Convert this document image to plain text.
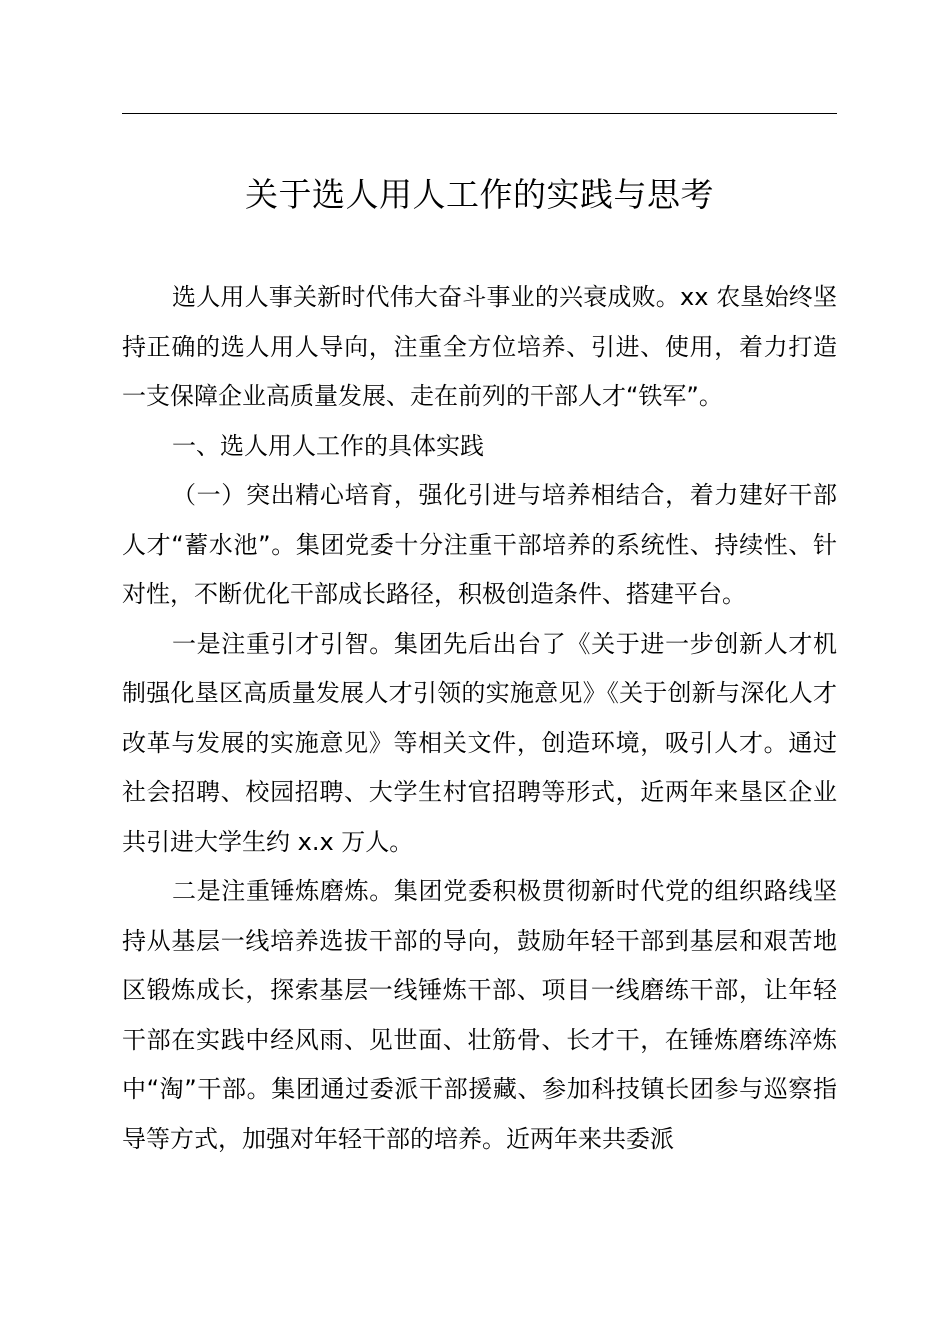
关于选人用人工作的实践与思考

选人用人事关新时代伟大奋斗事业的兴衰成败。xx 农垦始终坚持正确的选人用人导向，注重全方位培养、引进、使用，着力打造一支保障企业高质量发展、走在前列的干部人才“铁军”。

一、选人用人工作的具体实践

（一）突出精心培育，强化引进与培养相结合，着力建好干部人才“蓄水池”。集团党委十分注重干部培养的系统性、持续性、针对性，不断优化干部成长路径，积极创造条件、搭建平台。

一是注重引才引智。集团先后出台了《关于进一步创新人才机制强化垦区高质量发展人才引领的实施意见》《关于创新与深化人才改革与发展的实施意见》等相关文件，创造环境，吸引人才。通过社会招聘、校园招聘、大学生村官招聘等形式，近两年来垦区企业共引进大学生约 x.x 万人。

二是注重锤炼磨炼。集团党委积极贯彻新时代党的组织路线坚持从基层一线培养选拔干部的导向，鼓励年轻干部到基层和艰苦地区锻炼成长，探索基层一线锤炼干部、项目一线磨练干部，让年轻干部在实践中经风雨、见世面、壮筋骨、长才干，在锤炼磨练淬炼中“淘”干部。集团通过委派干部援藏、参加科技镇长团参与巡察指导等方式，加强对年轻干部的培养。近两年来共委派
